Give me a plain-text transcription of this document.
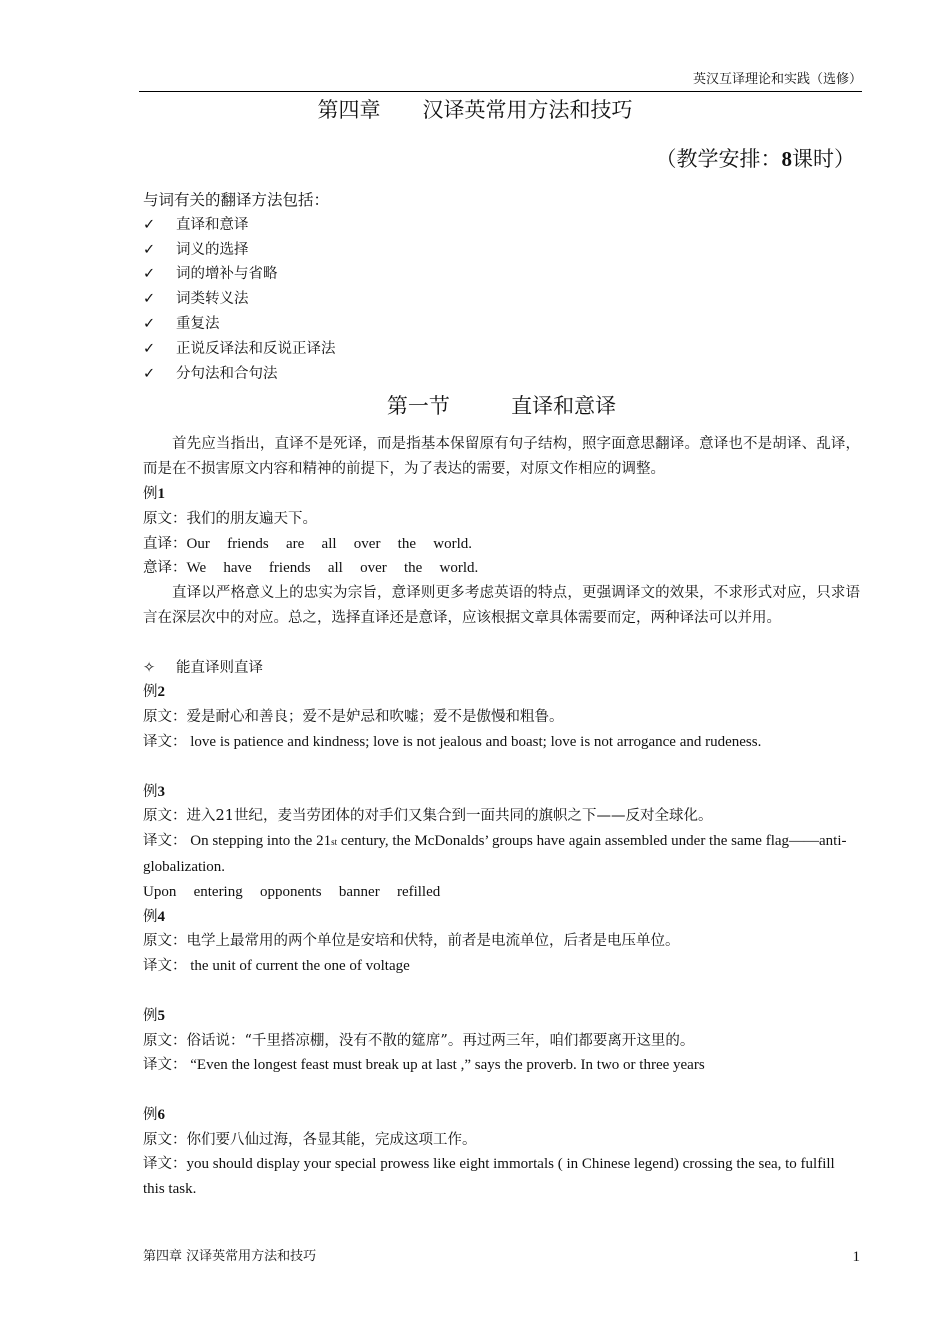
英汉互译理论和实践（选修）
第四章　　汉译英常用方法和技巧
（教学安排：8课时）

与词有关的翻译方法包括：

✓	直译和意译
✓	词义的选择
✓	词的增补与省略
✓	词类转义法
✓	重复法
✓	正说反译法和反说正译法
✓	分句法和合句法
第一节　 直译和意译

首先应当指出，直译不是死译，而是指基本保留原有句子结构，照字面意思翻译。意译也不是胡译、乱译，而是在不损害原文内容和精神的前提下，为了表达的需要，对原文作相应的调整。

例1

原文：我们的朋友遍天下。

直译：Our friends are all over the world.

意译：We have friends all over the world.

直译以严格意义上的忠实为宗旨，意译则更多考虑英语的特点，更强调译文的效果，不求形式对应，只求语言在深层次中的对应。总之，选择直译还是意译，应该根据文章具体需要而定，两种译法可以并用。

✧	能直译则直译

例2

原文：爱是耐心和善良；爱不是妒忌和吹嘘；爱不是傲慢和粗鲁。

译文： love is patience and kindness; love is not jealous and boast; love is not arrogance and rudeness.

例3

原文：进入21世纪，麦当劳团体的对手们又集合到一面共同的旗帜之下——反对全球化。

译文： On stepping into the 21st century, the McDonalds’ groups have again assembled under the same flag——anti-globalization.

Upon entering opponents banner refilled

例4

原文：电学上最常用的两个单位是安培和伏特，前者是电流单位，后者是电压单位。

译文： the unit of current the one of voltage

例5

原文：俗话说：“千里搭凉棚，没有不散的筵席”。再过两三年，咱们都要离开这里的。

译文： “Even the longest feast must break up at last ,” says the proverb. In two or three years

例6

原文：你们要八仙过海，各显其能，完成这项工作。

译文：you should display your special prowess like eight immortals ( in Chinese legend) crossing the sea, to fulfill this task.

第四章 汉译英常用方法和技巧	1
